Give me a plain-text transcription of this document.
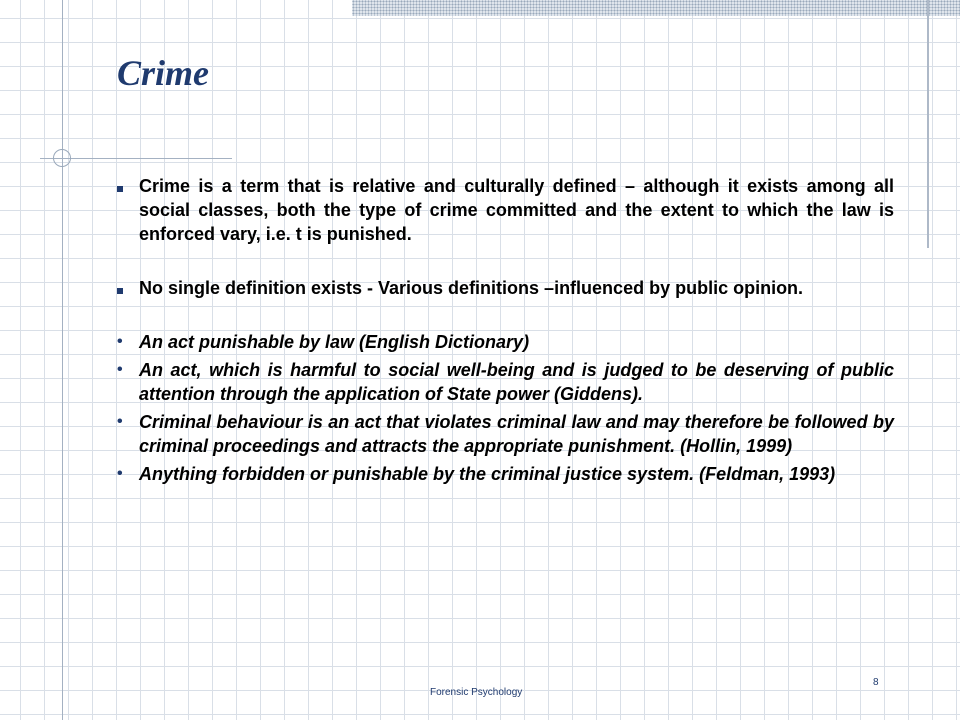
Crime
Crime is a term that is relative and culturally defined – although it exists among all social classes, both the type of crime committed and the extent to which the law is enforced vary, i.e. t is punished.
No single definition exists - Various definitions –influenced by public opinion.
• An act punishable by law (English Dictionary)
• An act, which is harmful to social well-being and is judged to be deserving of public attention through the application of State power (Giddens).
• Criminal behaviour is an act that violates criminal law and may therefore be followed by criminal proceedings and attracts the appropriate punishment. (Hollin, 1999)
• Anything forbidden or punishable by the criminal justice system. (Feldman, 1993)
Forensic Psychology
8
